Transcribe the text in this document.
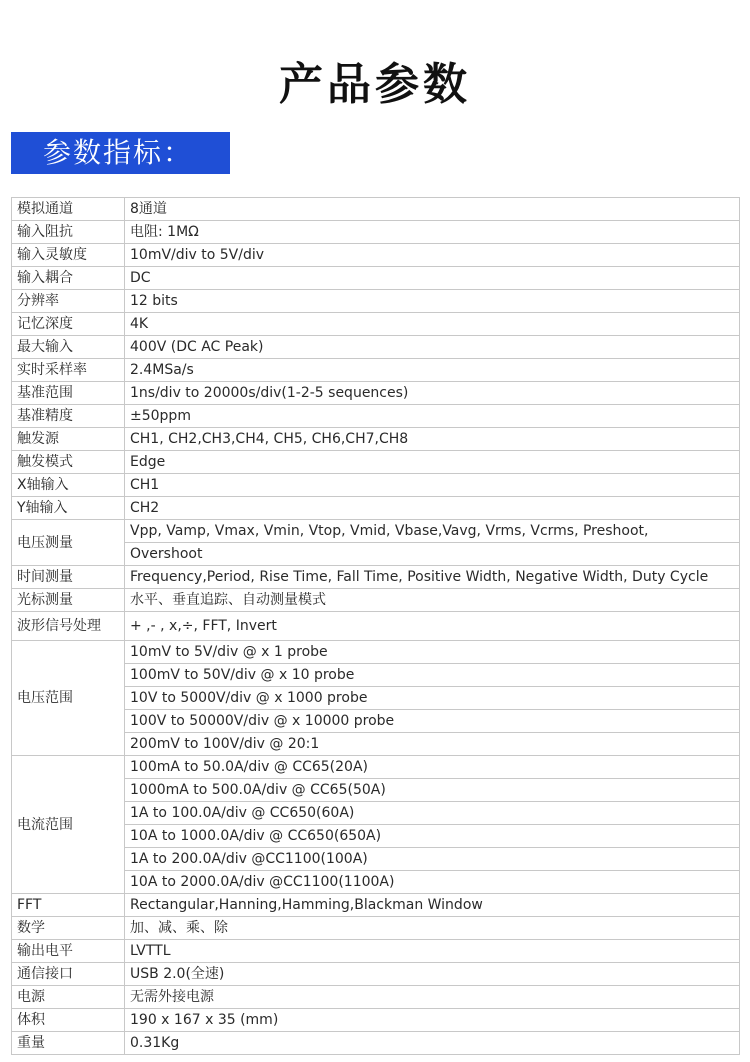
产品参数
参数指标：
模拟通道	8通道
输入阻抗	电阻: 1MΩ
输入灵敏度	10mV/div to 5V/div
输入耦合	DC
分辨率	12 bits
记忆深度	4K
最大输入	400V (DC AC Peak)
实时采样率	2.4MSa/s
基准范围	1ns/div to 20000s/div(1-2-5 sequences)
基准精度	±50ppm
触发源	CH1, CH2,CH3,CH4, CH5, CH6,CH7,CH8
触发模式	Edge
X轴输入	CH1
Y轴输入	CH2
电压测量	Vpp, Vamp, Vmax, Vmin, Vtop, Vmid, Vbase,Vavg, Vrms, Vcrms, Preshoot,
	Overshoot
时间测量	Frequency,Period, Rise Time, Fall Time, Positive Width, Negative Width, Duty Cycle
光标测量	水平、垂直追踪、自动测量模式
波形信号处理	+ ,- , x,÷, FFT, Invert
电压范围	10mV to 5V/div @ x 1 probe
	100mV to 50V/div @ x 10 probe
	10V to 5000V/div @ x 1000 probe
	100V to 50000V/div @ x 10000 probe
	200mV to 100V/div @ 20:1
电流范围	100mA to 50.0A/div @ CC65(20A)
	1000mA to 500.0A/div @ CC65(50A)
	1A to 100.0A/div @ CC650(60A)
	10A to 1000.0A/div @ CC650(650A)
	1A to 200.0A/div @CC1100(100A)
	10A to 2000.0A/div @CC1100(1100A)
FFT	Rectangular,Hanning,Hamming,Blackman Window
数学	加、减、乘、除
输出电平	LVTTL
通信接口	USB 2.0(全速)
电源	无需外接电源
体积	190 x 167 x 35 (mm)
重量	0.31Kg
